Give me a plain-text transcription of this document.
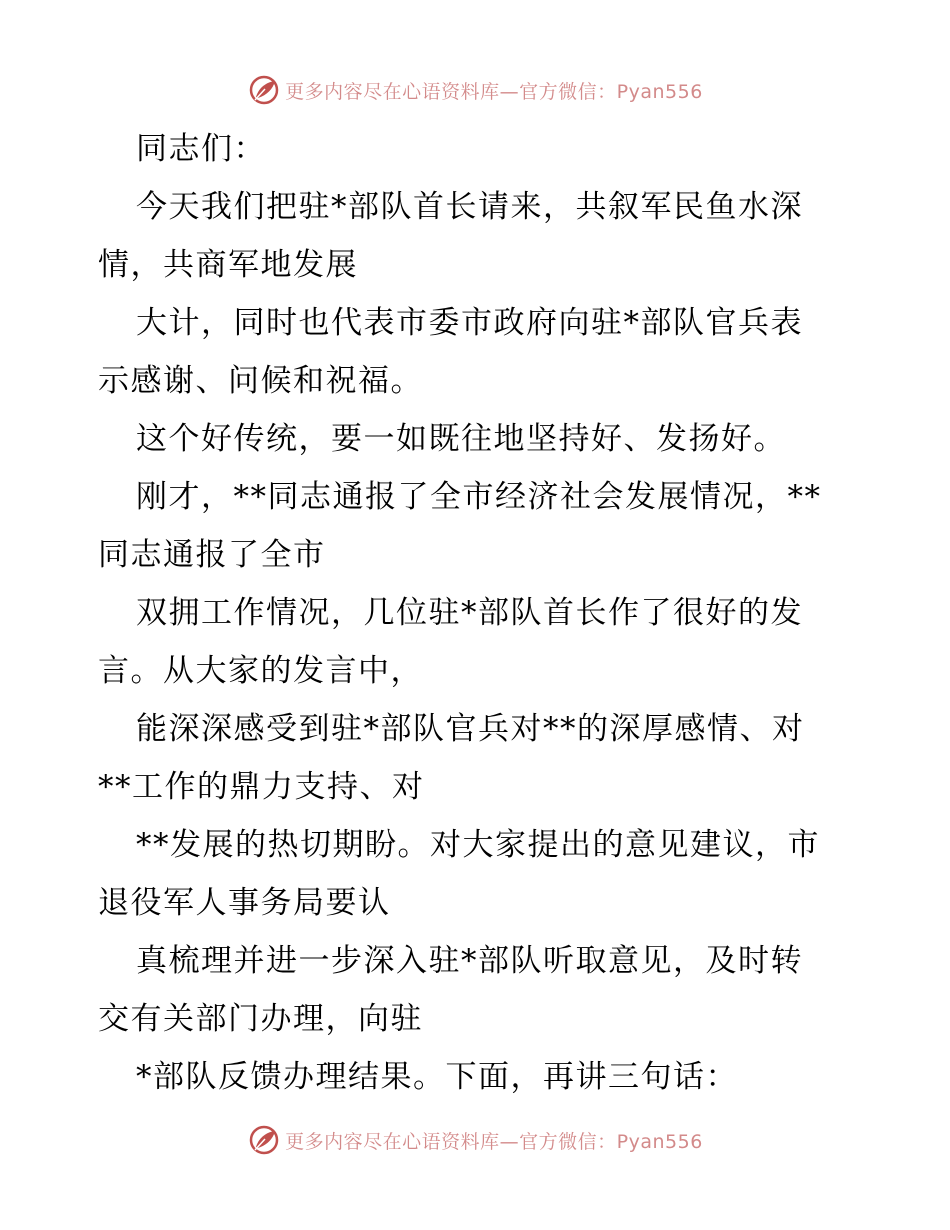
更多内容尽在心语资料库—官方微信：Pyan556
同志们：
今天我们把驻*部队首长请来，共叙军民鱼水深
情，共商军地发展
大计，同时也代表市委市政府向驻*部队官兵表
示感谢、问候和祝福。
这个好传统，要一如既往地坚持好、发扬好。
刚才，**同志通报了全市经济社会发展情况，**
同志通报了全市
双拥工作情况，几位驻*部队首长作了很好的发
言。从大家的发言中，
能深深感受到驻*部队官兵对**的深厚感情、对
**工作的鼎力支持、对
**发展的热切期盼。对大家提出的意见建议，市
退役军人事务局要认
真梳理并进一步深入驻*部队听取意见，及时转
交有关部门办理，向驻
*部队反馈办理结果。下面，再讲三句话：
更多内容尽在心语资料库—官方微信：Pyan556
